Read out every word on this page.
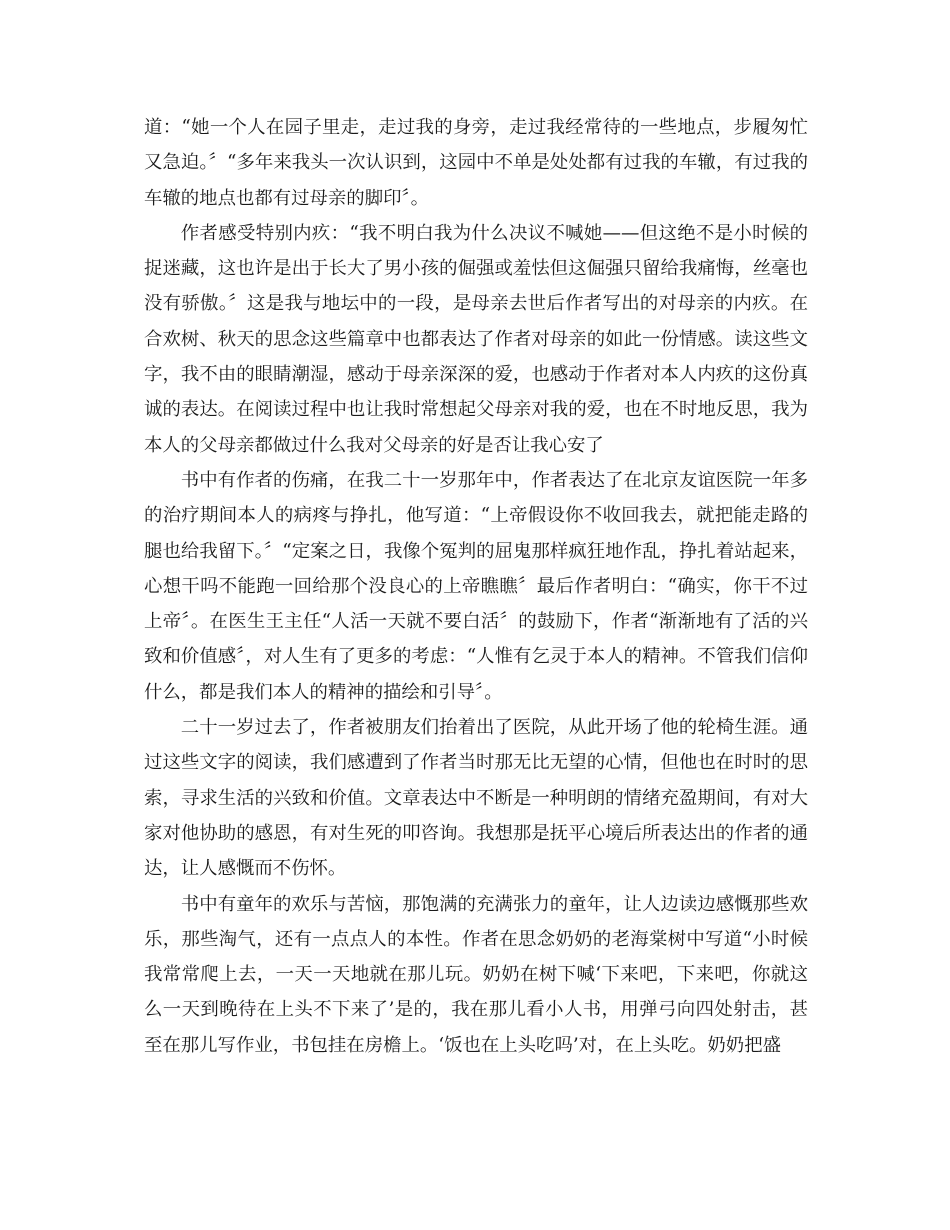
道：“她一个人在园子里走，走过我的身旁，走过我经常待的一些地点，步履匆忙又急迫。〞“多年来我头一次认识到，这园中不单是处处都有过我的车辙，有过我的车辙的地点也都有过母亲的脚印〞。

作者感受特别内疚：“我不明白我为什么决议不喊她——但这绝不是小时候的捉迷藏，这也许是出于长大了男小孩的倔强或羞怯但这倔强只留给我痛悔，丝毫也没有骄傲。〞这是我与地坛中的一段，是母亲去世后作者写出的对母亲的内疚。在合欢树、秋天的思念这些篇章中也都表达了作者对母亲的如此一份情感。读这些文字，我不由的眼睛潮湿，感动于母亲深深的爱，也感动于作者对本人内疚的这份真诚的表达。在阅读过程中也让我时常想起父母亲对我的爱，也在不时地反思，我为本人的父母亲都做过什么我对父母亲的好是否让我心安了

书中有作者的伤痛，在我二十一岁那年中，作者表达了在北京友谊医院一年多的治疗期间本人的病疼与挣扎，他写道：“上帝假设你不收回我去，就把能走路的腿也给我留下。〞“定案之日，我像个冤判的屈鬼那样疯狂地作乱，挣扎着站起来，心想干吗不能跑一回给那个没良心的上帝瞧瞧〞最后作者明白：“确实，你干不过上帝〞。在医生王主任“人活一天就不要白活〞的鼓励下，作者“渐渐地有了活的兴致和价值感〞，对人生有了更多的考虑：“人惟有乞灵于本人的精神。不管我们信仰什么，都是我们本人的精神的描绘和引导〞。

二十一岁过去了，作者被朋友们抬着出了医院，从此开场了他的轮椅生涯。通过这些文字的阅读，我们感遭到了作者当时那无比无望的心情，但他也在时时的思索，寻求生活的兴致和价值。文章表达中不断是一种明朗的情绪充盈期间，有对大家对他协助的感恩，有对生死的叩咨询。我想那是抚平心境后所表达出的作者的通达，让人感慨而不伤怀。

书中有童年的欢乐与苦恼，那饱满的充满张力的童年，让人边读边感慨那些欢乐，那些淘气，还有一点点人的本性。作者在思念奶奶的老海棠树中写道“小时候我常常爬上去，一天一天地就在那儿玩。奶奶在树下喊‘下来吧，下来吧，你就这么一天到晚待在上头不下来了’是的，我在那儿看小人书，用弹弓向四处射击，甚至在那儿写作业，书包挂在房檐上。‘饭也在上头吃吗’对，在上头吃。奶奶把盛
